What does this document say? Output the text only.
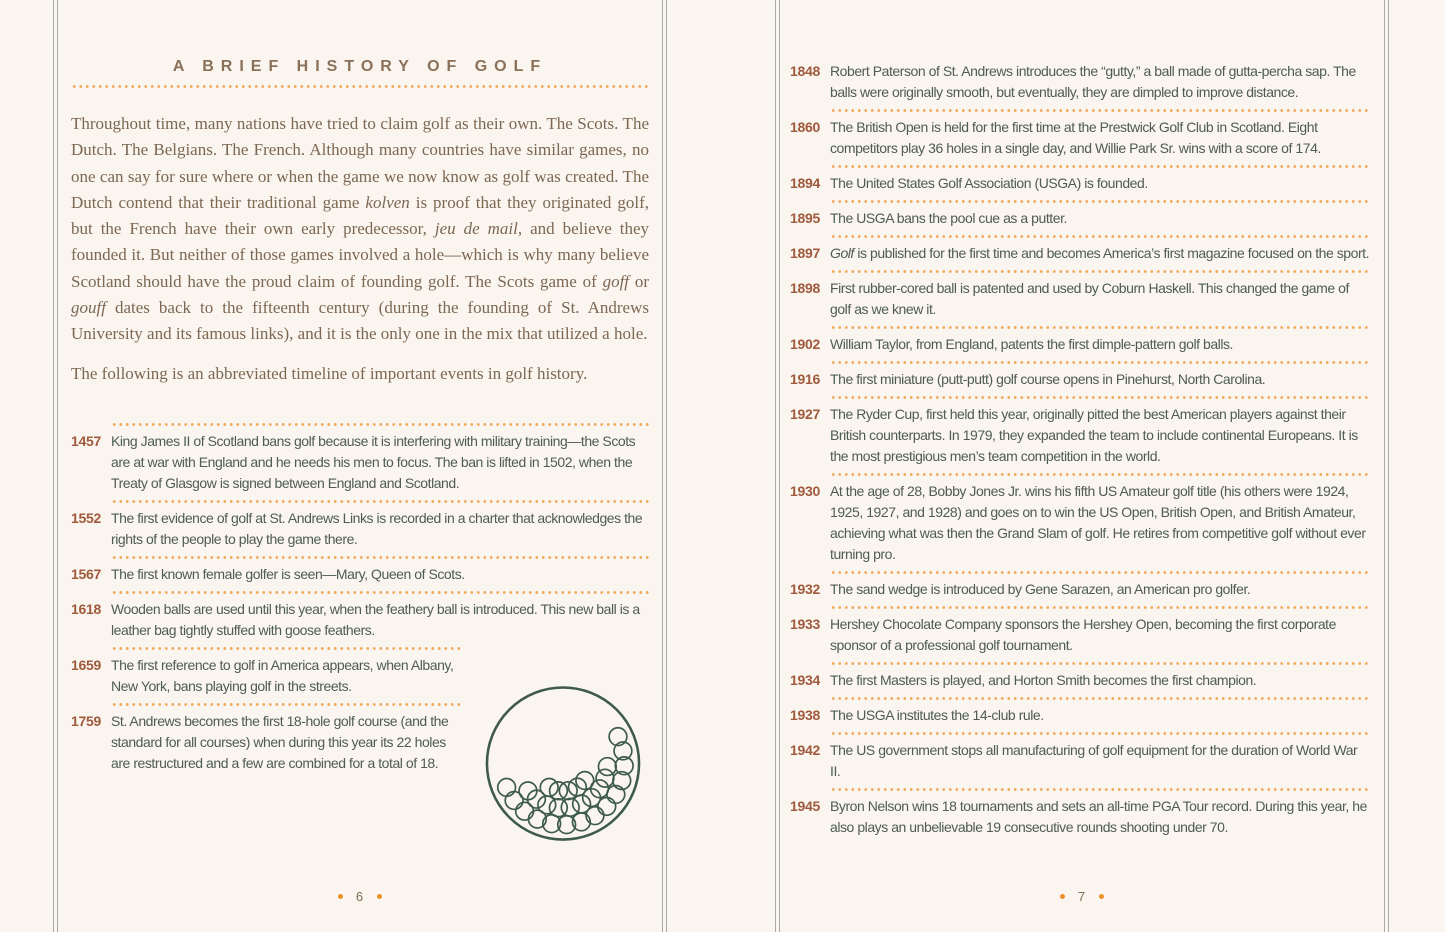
A BRIEF HISTORY OF GOLF

Throughout time, many nations have tried to claim golf as their own. The Scots. The Dutch. The Belgians. The French. Although many countries have similar games, no one can say for sure where or when the game we now know as golf was created. The Dutch contend that their traditional game kolven is proof that they originated golf, but the French have their own early predecessor, jeu de mail, and believe they founded it. But neither of those games involved a hole—which is why many believe Scotland should have the proud claim of founding golf. The Scots game of goff or gouff dates back to the fifteenth century (during the founding of St. Andrews University and its famous links), and it is the only one in the mix that utilized a hole.

The following is an abbreviated timeline of important events in golf history.

1457 King James II of Scotland bans golf because it is interfering with military training—the Scots are at war with England and he needs his men to focus. The ban is lifted in 1502, when the Treaty of Glasgow is signed between England and Scotland.

1552 The first evidence of golf at St. Andrews Links is recorded in a charter that acknowledges the rights of the people to play the game there.

1567 The first known female golfer is seen—Mary, Queen of Scots.

1618 Wooden balls are used until this year, when the feathery ball is introduced. This new ball is a leather bag tightly stuffed with goose feathers.

1659 The first reference to golf in America appears, when Albany, New York, bans playing golf in the streets.

1759 St. Andrews becomes the first 18-hole golf course (and the standard for all courses) when during this year its 22 holes are restructured and a few are combined for a total of 18.

6
1848 Robert Paterson of St. Andrews introduces the “gutty,” a ball made of gutta-percha sap. The balls were originally smooth, but eventually, they are dimpled to improve distance.

1860 The British Open is held for the first time at the Prestwick Golf Club in Scotland. Eight competitors play 36 holes in a single day, and Willie Park Sr. wins with a score of 174.

1894 The United States Golf Association (USGA) is founded.

1895 The USGA bans the pool cue as a putter.

1897 Golf is published for the first time and becomes America’s first magazine focused on the sport.

1898 First rubber-cored ball is patented and used by Coburn Haskell. This changed the game of golf as we knew it.

1902 William Taylor, from England, patents the first dimple-pattern golf balls.

1916 The first miniature (putt-putt) golf course opens in Pinehurst, North Carolina.

1927 The Ryder Cup, first held this year, originally pitted the best American players against their British counterparts. In 1979, they expanded the team to include continental Europeans. It is the most prestigious men’s team competition in the world.

1930 At the age of 28, Bobby Jones Jr. wins his fifth US Amateur golf title (his others were 1924, 1925, 1927, and 1928) and goes on to win the US Open, British Open, and British Amateur, achieving what was then the Grand Slam of golf. He retires from competitive golf without ever turning pro.

1932 The sand wedge is introduced by Gene Sarazen, an American pro golfer.

1933 Hershey Chocolate Company sponsors the Hershey Open, becoming the first corporate sponsor of a professional golf tournament.

1934 The first Masters is played, and Horton Smith becomes the first champion.

1938 The USGA institutes the 14-club rule.

1942 The US government stops all manufacturing of golf equipment for the duration of World War II.

1945 Byron Nelson wins 18 tournaments and sets an all-time PGA Tour record. During this year, he also plays an unbelievable 19 consecutive rounds shooting under 70.

7
